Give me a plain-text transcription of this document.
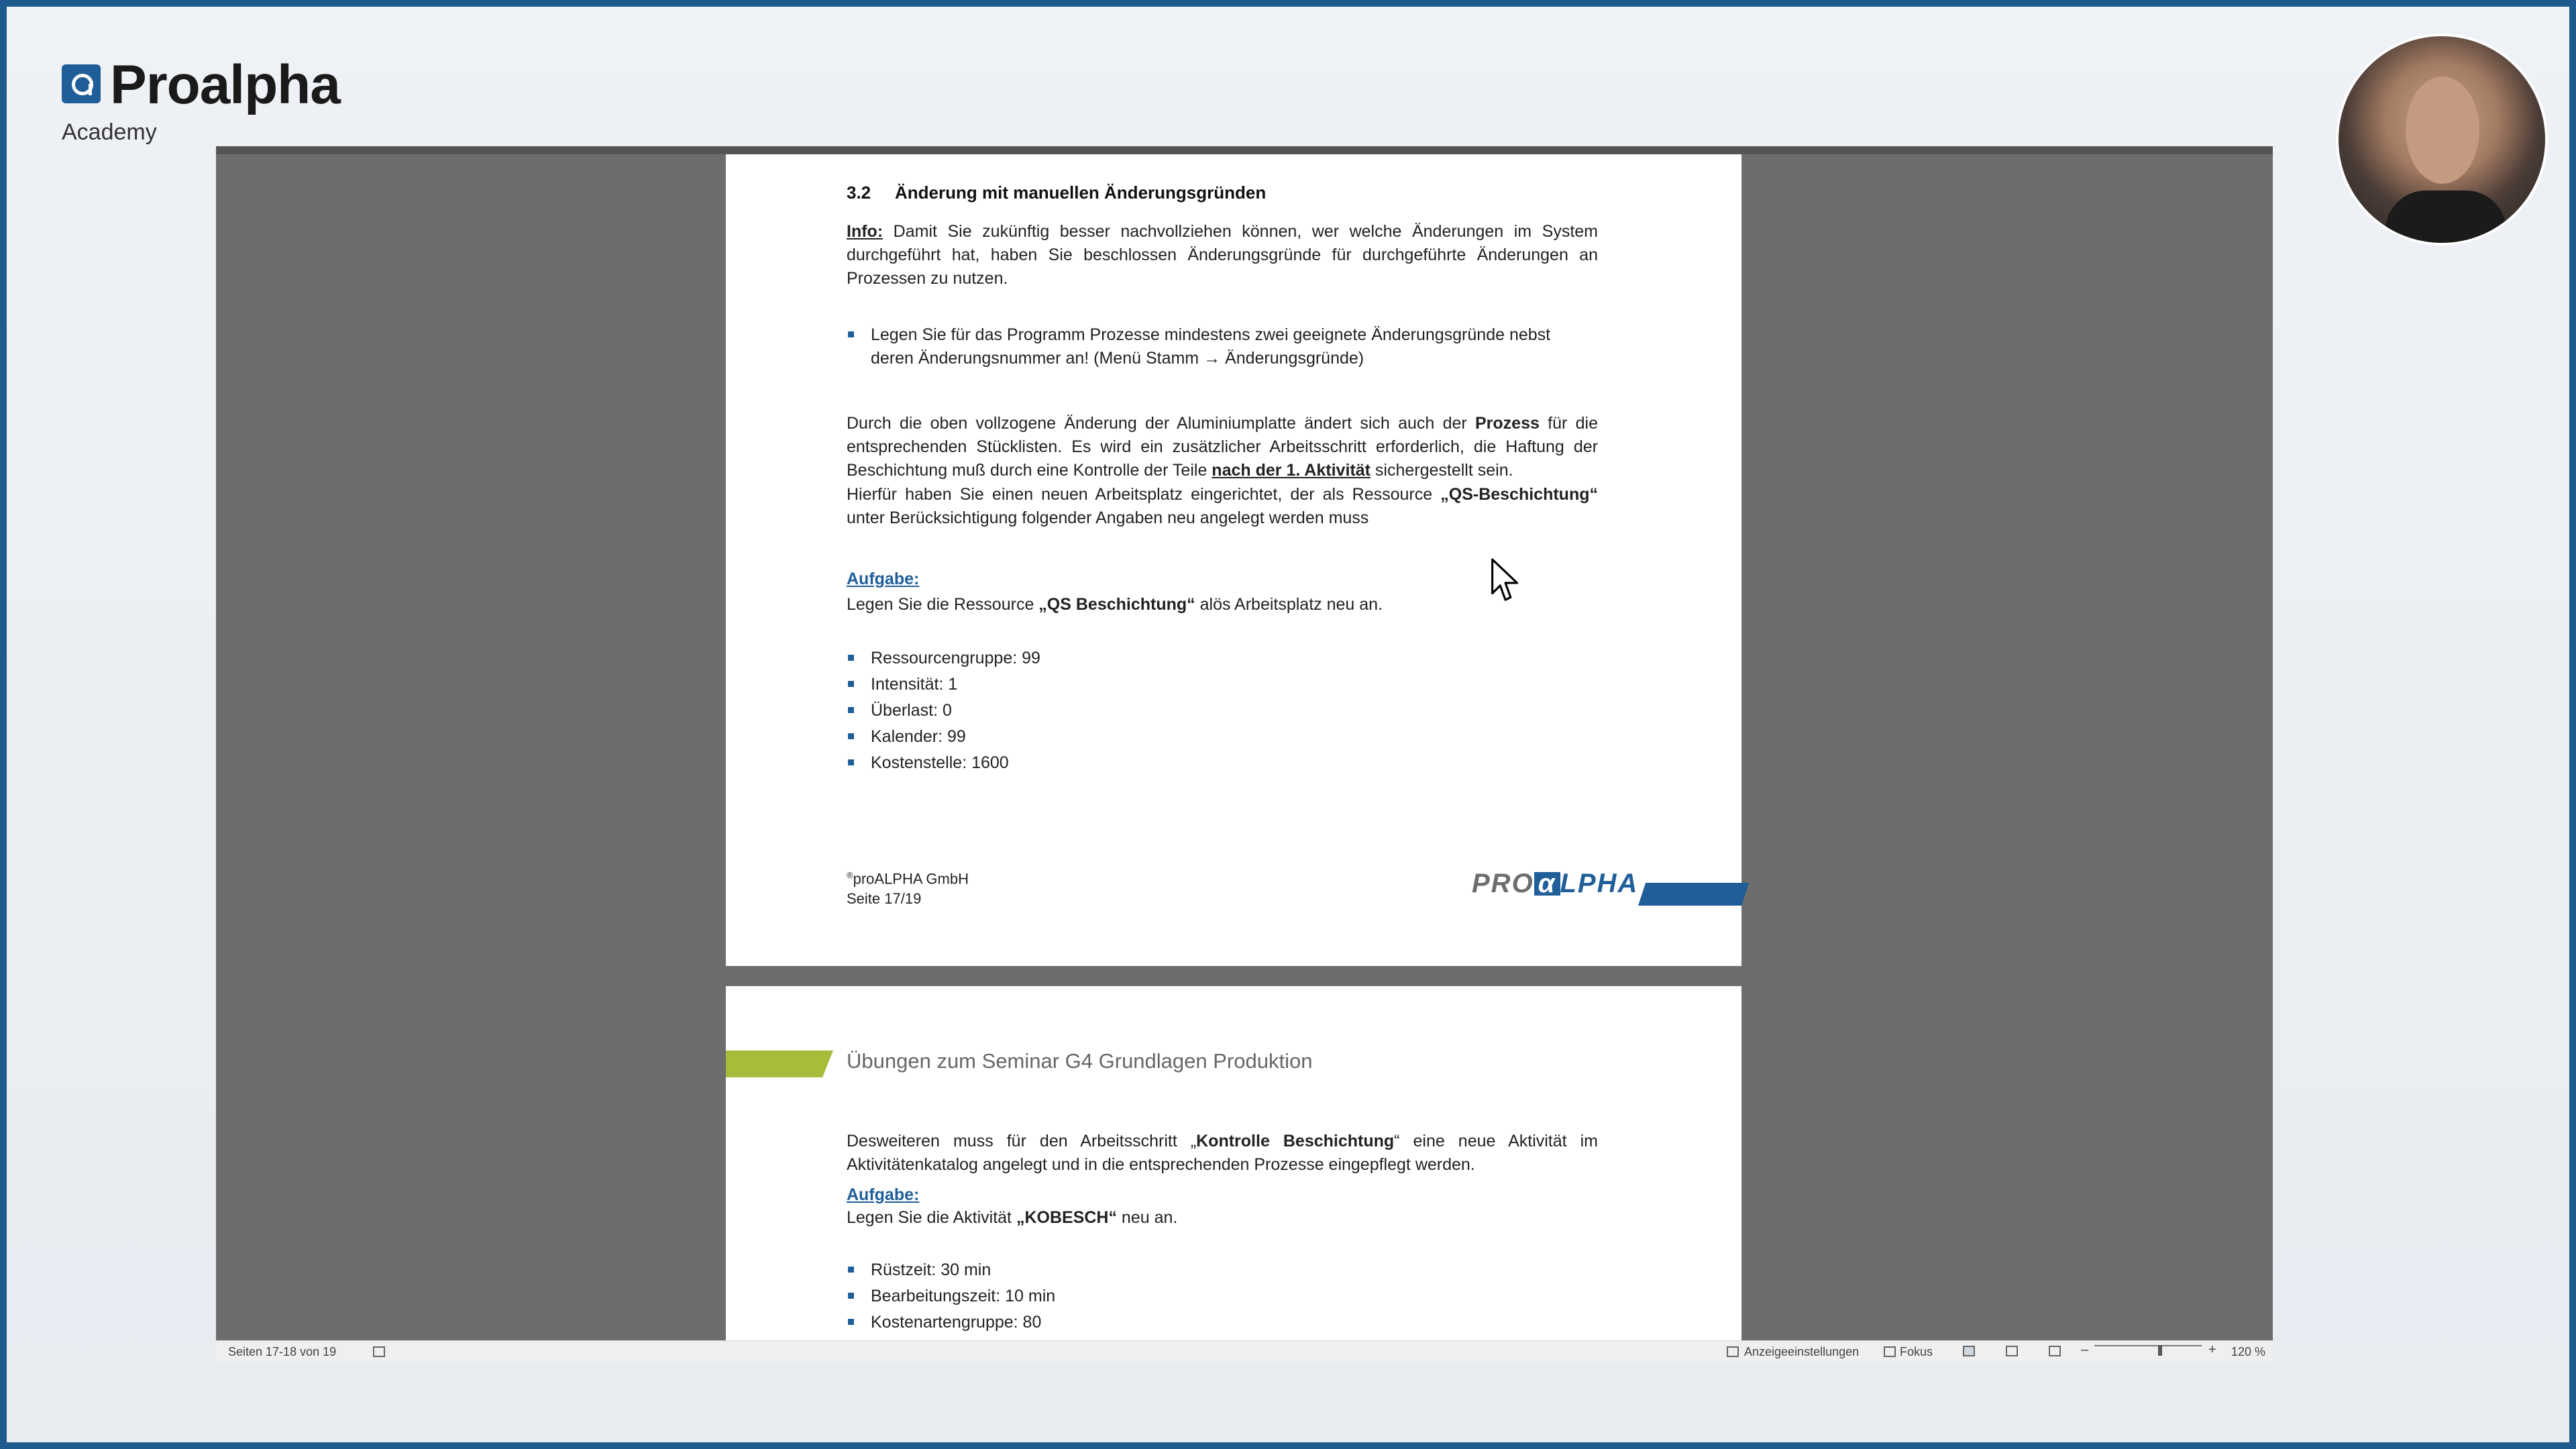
Proalpha
Academy
3.2 Änderung mit manuellen Änderungsgründen
Info: Damit Sie zukünftig besser nachvollziehen können, wer welche Änderungen im System durchgeführt hat, haben Sie beschlossen Änderungsgründe für durchgeführte Änderungen an Prozessen zu nutzen.
Legen Sie für das Programm Prozesse mindestens zwei geeignete Änderungsgründe nebst deren Änderungsnummer an! (Menü Stamm → Änderungsgründe)
Durch die oben vollzogene Änderung der Aluminiumplatte ändert sich auch der Prozess für die entsprechenden Stücklisten. Es wird ein zusätzlicher Arbeitsschritt erforderlich, die Haftung der Beschichtung muß durch eine Kontrolle der Teile nach der 1. Aktivität sichergestellt sein.
Hierfür haben Sie einen neuen Arbeitsplatz eingerichtet, der als Ressource „QS-Beschichtung“ unter Berücksichtigung folgender Angaben neu angelegt werden muss
Aufgabe:
Legen Sie die Ressource „QS Beschichtung“ alös Arbeitsplatz neu an.
Ressourcengruppe: 99
Intensität: 1
Überlast: 0
Kalender: 99
Kostenstelle: 1600
®proALPHA GmbH
Seite 17/19
PRO α LPHA
Übungen zum Seminar G4 Grundlagen Produktion
Desweiteren muss für den Arbeitsschritt „Kontrolle Beschichtung“ eine neue Aktivität im Aktivitätenkatalog angelegt und in die entsprechenden Prozesse eingepflegt werden.
Aufgabe:
Legen Sie die Aktivität „KOBESCH“ neu an.
Rüstzeit: 30 min
Bearbeitungszeit: 10 min
Kostenartengruppe: 80
Seiten 17-18 von 19	Anzeigeeinstellungen	Fokus	–	+ 120 %
